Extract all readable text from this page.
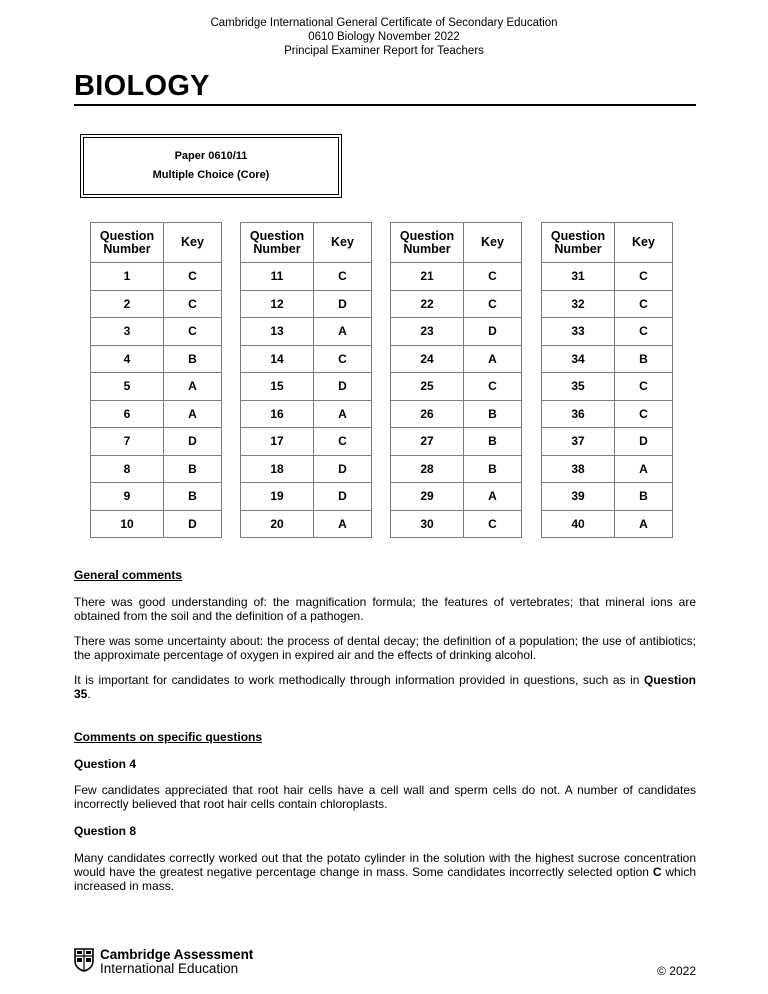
Cambridge International General Certificate of Secondary Education
0610 Biology November 2022
Principal Examiner Report for Teachers
BIOLOGY
Paper 0610/11
Multiple Choice (Core)
Question Number	Key
1	C
2	C
3	C
4	B
5	A
6	A
7	D
8	B
9	B
10	D
Question Number	Key
11	C
12	D
13	A
14	C
15	D
16	A
17	C
18	D
19	D
20	A
Question Number	Key
21	C
22	C
23	D
24	A
25	C
26	B
27	B
28	B
29	A
30	C
Question Number	Key
31	C
32	C
33	C
34	B
35	C
36	C
37	D
38	A
39	B
40	A
General comments
There was good understanding of: the magnification formula; the features of vertebrates; that mineral ions are obtained from the soil and the definition of a pathogen.
There was some uncertainty about: the process of dental decay; the definition of a population; the use of antibiotics; the approximate percentage of oxygen in expired air and the effects of drinking alcohol.
It is important for candidates to work methodically through information provided in questions, such as in Question 35.
Comments on specific questions
Question 4
Few candidates appreciated that root hair cells have a cell wall and sperm cells do not. A number of candidates incorrectly believed that root hair cells contain chloroplasts.
Question 8
Many candidates correctly worked out that the potato cylinder in the solution with the highest sucrose concentration would have the greatest negative percentage change in mass. Some candidates incorrectly selected option C which increased in mass.
Cambridge Assessment
International Education	© 2022
